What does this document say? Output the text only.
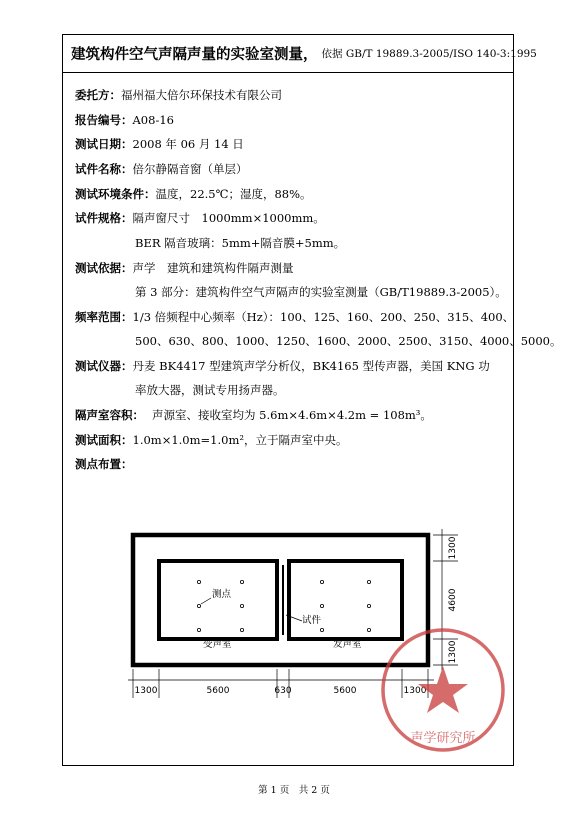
建筑构件空气声隔声量的实验室测量， 依据 GB/T 19889.3-2005/ISO 140-3:1995
委托方：福州福大倍尔环保技术有限公司
报告编号：A08-16
测试日期：2008 年 06 月 14 日
试件名称：倍尔静隔音窗（单层）
测试环境条件：温度，22.5℃；湿度，88%。
试件规格：隔声窗尺寸　1000mm×1000mm。
BER 隔音玻璃：5mm+隔音膜+5mm。
测试依据：声学　建筑和建筑构件隔声测量
第 3 部分：建筑构件空气声隔声的实验室测量（GB/T19889.3-2005）。
频率范围：1/3 倍频程中心频率（Hz）：100、125、160、200、250、315、400、
500、630、800、1000、1250、1600、2000、2500、3150、4000、5000。
测试仪器：丹麦 BK4417 型建筑声学分析仪，BK4165 型传声器，美国 KNG 功
率放大器，测试专用扬声器。
隔声室容积： 声源室、接收室均为 5.6m×4.6m×4.2m = 108m³。
测试面积：1.0m×1.0m=1.0m²，立于隔声室中央。
测点布置：
测点
试件
受声室	发声室
1300	5600	630	5600	1300
1300
4600
1300
声学研究所
第 1 页　共 2 页
